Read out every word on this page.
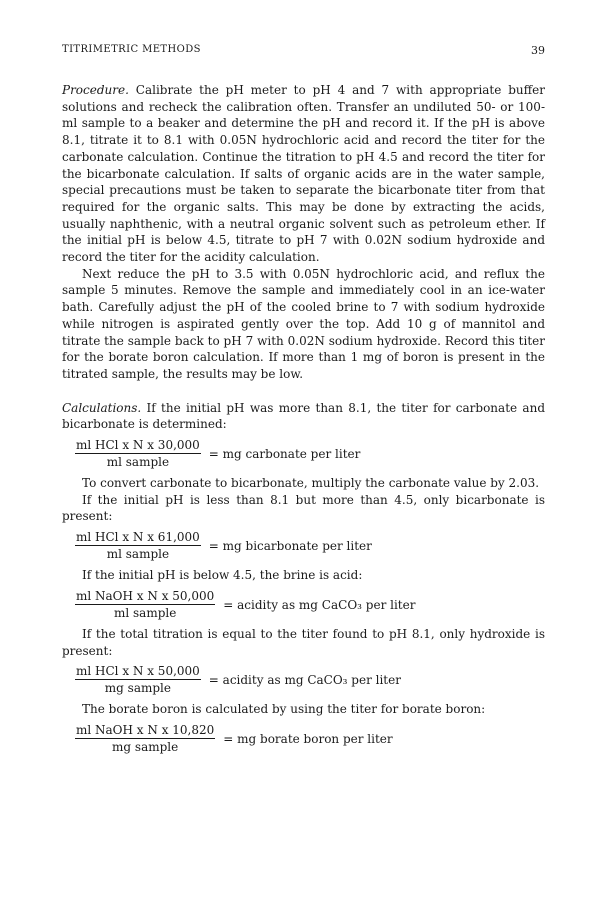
TITRIMETRIC METHODS	39

Procedure. Calibrate the pH meter to pH 4 and 7 with appropriate buffer solutions and recheck the calibration often. Transfer an undiluted 50- or 100-ml sample to a beaker and determine the pH and record it. If the pH is above 8.1, titrate it to 8.1 with 0.05N hydrochloric acid and record the titer for the carbonate calculation. Continue the titration to pH 4.5 and record the titer for the bicarbonate calculation. If salts of organic acids are in the water sample, special precautions must be taken to separate the bicarbonate titer from that required for the organic salts. This may be done by extracting the acids, usually naphthenic, with a neutral organic solvent such as petroleum ether. If the initial pH is below 4.5, titrate to pH 7 with 0.02N sodium hydroxide and record the titer for the acidity calculation.

Next reduce the pH to 3.5 with 0.05N hydrochloric acid, and reflux the sample 5 minutes. Remove the sample and immediately cool in an ice-water bath. Carefully adjust the pH of the cooled brine to 7 with sodium hydroxide while nitrogen is aspirated gently over the top. Add 10 g of mannitol and titrate the sample back to pH 7 with 0.02N sodium hydroxide. Record this titer for the borate boron calculation. If more than 1 mg of boron is present in the titrated sample, the results may be low.

Calculations. If the initial pH was more than 8.1, the titer for carbonate and bicarbonate is determined:

$\frac{\text{ml HCl x N x 30,000}}{\text{ml sample}}$ = mg carbonate per liter

To convert carbonate to bicarbonate, multiply the carbonate value by 2.03.

If the initial pH is less than 8.1 but more than 4.5, only bicarbonate is present:

$\frac{\text{ml HCl x N x 61,000}}{\text{ml sample}}$ = mg bicarbonate per liter

If the initial pH is below 4.5, the brine is acid:

$\frac{\text{ml NaOH x N x 50,000}}{\text{ml sample}}$ = acidity as mg CaCO₃ per liter

If the total titration is equal to the titer found to pH 8.1, only hydroxide is present:

$\frac{\text{ml HCl x N x 50,000}}{\text{mg sample}}$ = acidity as mg CaCO₃ per liter

The borate boron is calculated by using the titer for borate boron:

$\frac{\text{ml NaOH x N x 10,820}}{\text{mg sample}}$ = mg borate boron per liter
